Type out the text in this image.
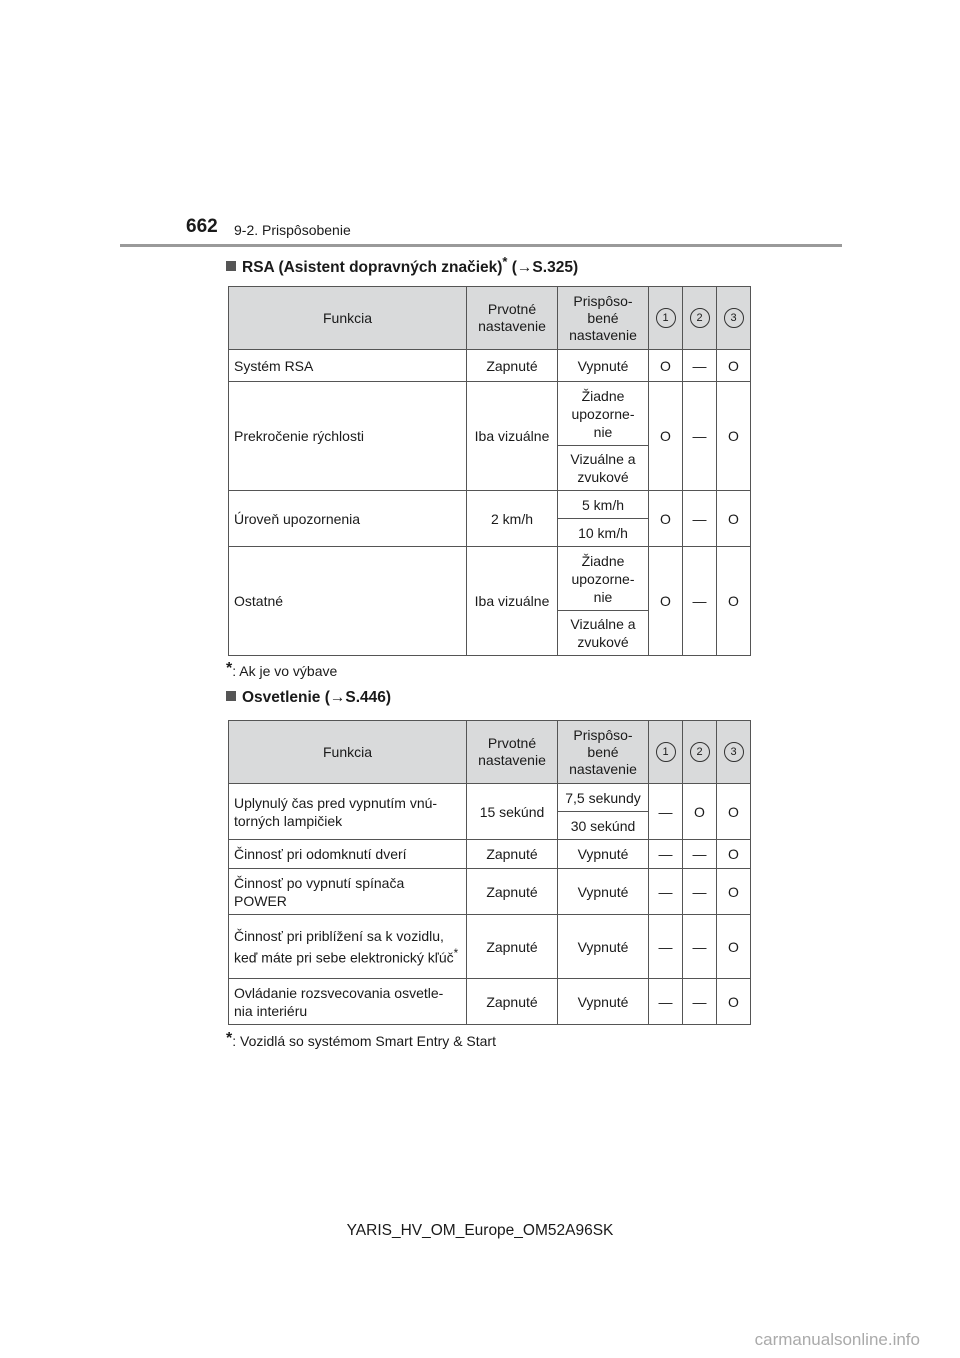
662 9-2. Prispôsobenie
RSA (Asistent dopravných značiek)* (→S.325)
Funkcia	Prvotné nastavenie	Prispôso-bené nastavenie	1	2	3
Systém RSA	Zapnuté	Vypnuté	O	—	O
Prekročenie rýchlosti	Iba vizuálne	Žiadne upozorne-nie	O	—	O
		Vizuálne a zvukové			
Úroveň upozornenia	2 km/h	5 km/h	O	—	O
		10 km/h			
Ostatné	Iba vizuálne	Žiadne upozorne-nie	O	—	O
		Vizuálne a zvukové			
*: Ak je vo výbave
Osvetlenie (→S.446)
Funkcia	Prvotné nastavenie	Prispôso-bené nastavenie	1	2	3
Uplynulý čas pred vypnutím vnú-torných lampičiek	15 sekúnd	7,5 sekundy	—	O	O
		30 sekúnd			
Činnosť pri odomknutí dverí	Zapnuté	Vypnuté	—	—	O
Činnosť po vypnutí spínača POWER	Zapnuté	Vypnuté	—	—	O
Činnosť pri priblížení sa k vozidlu, keď máte pri sebe elektronický kľúč*	Zapnuté	Vypnuté	—	—	O
Ovládanie rozsvecovania osvetle-nia interiéru	Zapnuté	Vypnuté	—	—	O
*: Vozidlá so systémom Smart Entry & Start
YARIS_HV_OM_Europe_OM52A96SK
carmanualsonline.info
